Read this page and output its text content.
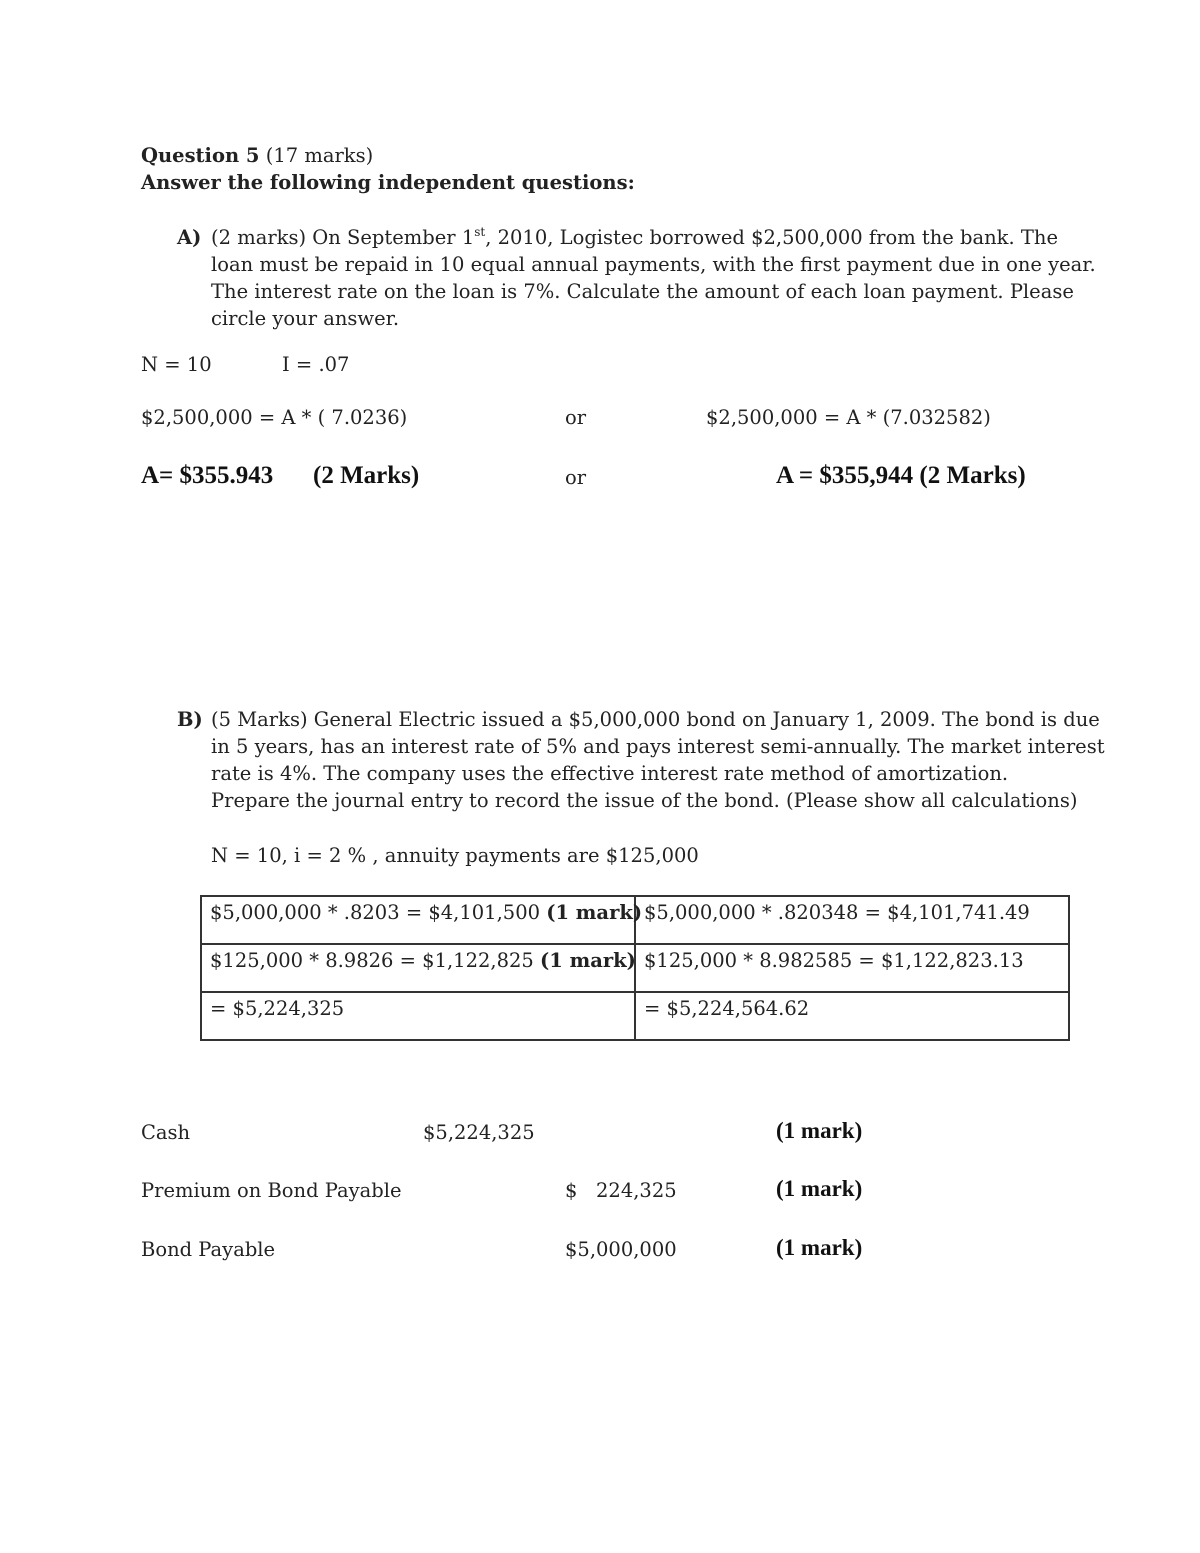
Question 5 (17 marks)
Answer the following independent questions:
A) (2 marks) On September 1st, 2010, Logistec borrowed $2,500,000 from the bank. The
loan must be repaid in 10 equal annual payments, with the first payment due in one year.
The interest rate on the loan is 7%. Calculate the amount of each loan payment. Please
circle your answer.
N = 10	I = .07
$2,500,000 = A * ( 7.0236)	or	$2,500,000 = A * (7.032582)
A= $355.943 (2 Marks)	or	A = $355,944 (2 Marks)
B) (5 Marks) General Electric issued a $5,000,000 bond on January 1, 2009. The bond is due
in 5 years, has an interest rate of 5% and pays interest semi-annually. The market interest
rate is 4%. The company uses the effective interest rate method of amortization.
Prepare the journal entry to record the issue of the bond. (Please show all calculations)
N = 10, i = 2 % , annuity payments are $125,000
$5,000,000 * .8203 = $4,101,500 (1 mark)	$5,000,000 * .820348 = $4,101,741.49
$125,000 * 8.9826 = $1,122,825 (1 mark)	$125,000 * 8.982585 = $1,122,823.13
= $5,224,325	= $5,224,564.62
Cash	$5,224,325	(1 mark)
Premium on Bond Payable	$   224,325	(1 mark)
Bond Payable	$5,000,000	(1 mark)
